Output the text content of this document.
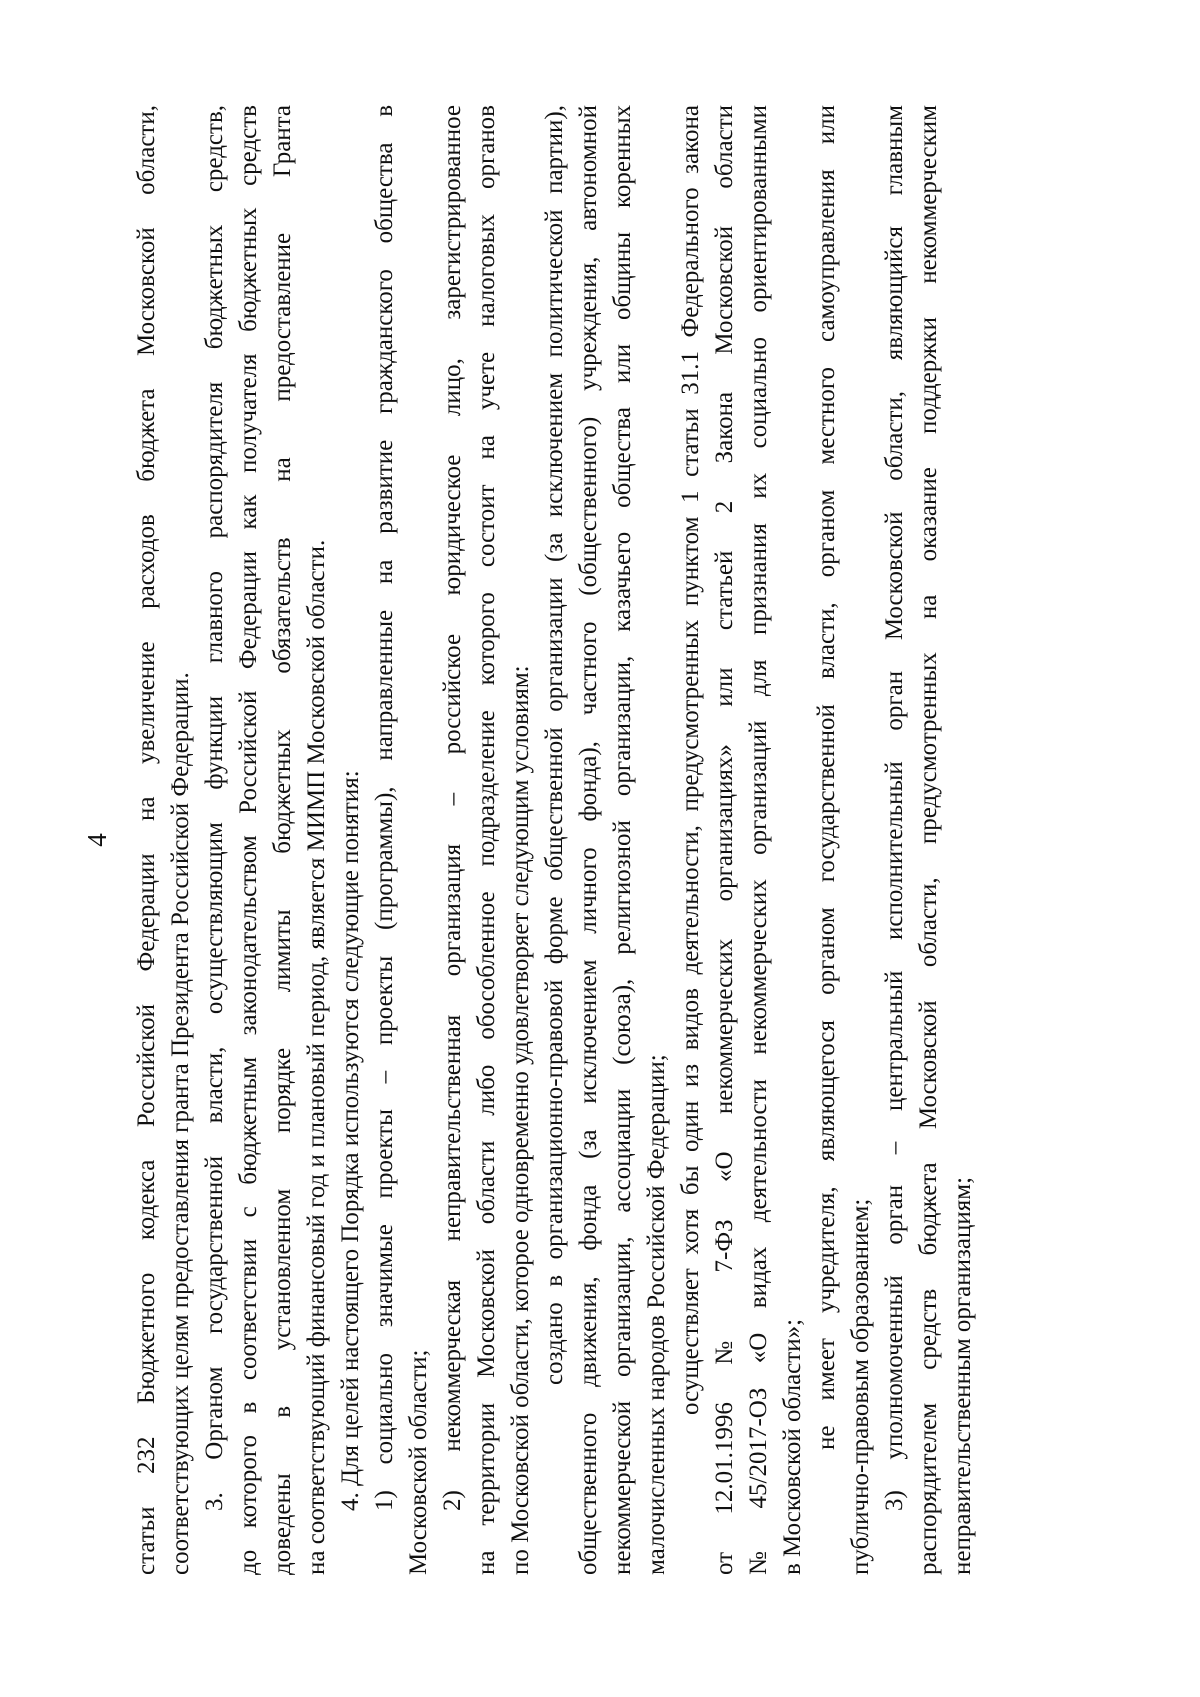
4 статьи 232 Бюджетного кодекса Российской Федерации на увеличение расходов бюджета Московской области, соответствующих целям предоставления гранта Президента Российской Федерации. 3. Органом государственной власти, осуществляющим функции главного распорядителя бюджетных средств, до которого в соответствии с бюджетным законодательством Российской Федерации как получателя бюджетных средств доведены в установленном порядке лимиты бюджетных обязательств на предоставление Гранта на соответствующий финансовый год и плановый период, является МИМП Московской области. 4. Для целей настоящего Порядка используются следующие понятия: 1) социально значимые проекты – проекты (программы), направленные на развитие гражданского общества в Московской области; 2) некоммерческая неправительственная организация – российское юридическое лицо, зарегистрированное на территории Московской области либо обособленное подразделение которого состоит на учете налоговых органов по Московской области, которое одновременно удовлетворяет следующим условиям: создано в организационно-правовой форме общественной организации (за исключением политической партии), общественного движения, фонда (за исключением личного фонда), частного (общественного) учреждения, автономной некоммерческой организации, ассоциации (союза), религиозной организации, казачьего общества или общины коренных малочисленных народов Российской Федерации; осуществляет хотя бы один из видов деятельности, предусмотренных пунктом 1 статьи 31.1 Федерального закона от 12.01.1996 № 7-ФЗ «О некоммерческих организациях» или статьей 2 Закона Московской области № 45/2017-ОЗ «О видах деятельности некоммерческих организаций для признания их социально ориентированными в Московской области»; не имеет учредителя, являющегося органом государственной власти, органом местного самоуправления или публично-правовым образованием; 3) уполномоченный орган – центральный исполнительный орган Московской области, являющийся главным распорядителем средств бюджета Московской области, предусмотренных на оказание поддержки некоммерческим неправительственным организациям;
